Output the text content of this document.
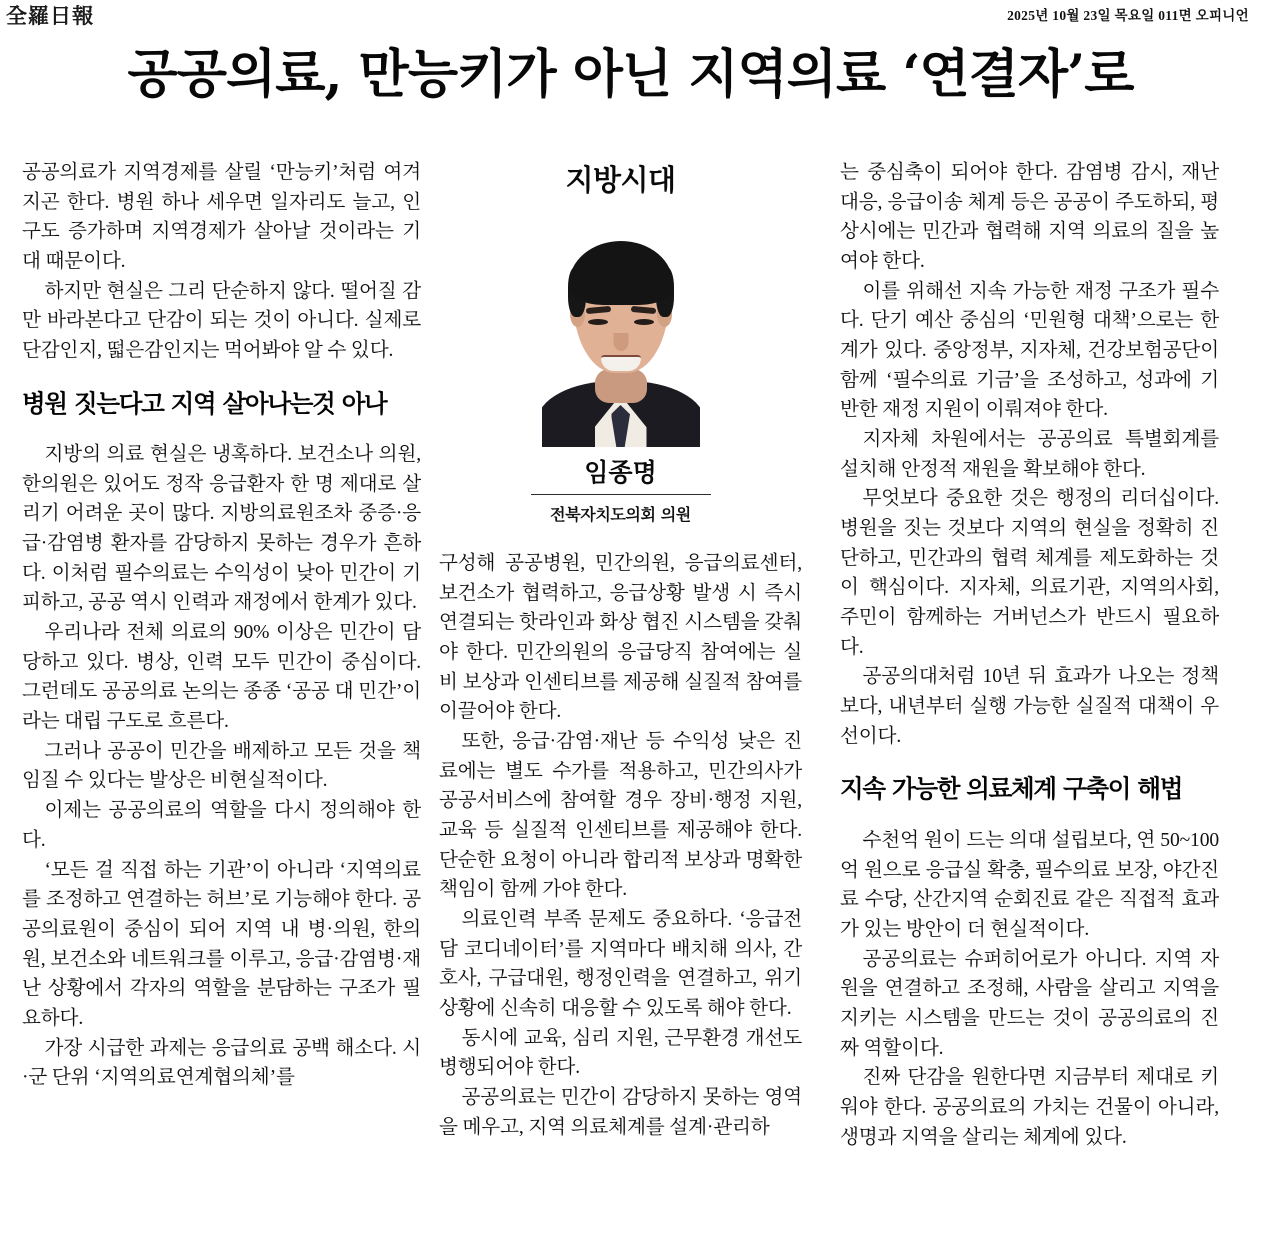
全羅日報	2025년 10월 23일 목요일 011면 오피니언
공공의료, 만능키가 아닌 지역의료 ‘연결자’로

공공의료가 지역경제를 살릴 ‘만능키’처럼 여겨지곤 한다. 병원 하나 세우면 일자리도 늘고, 인구도 증가하며 지역경제가 살아날 것이라는 기대 때문이다.

하지만 현실은 그리 단순하지 않다. 떨어질 감만 바라본다고 단감이 되는 것이 아니다. 실제로 단감인지, 떫은감인지는 먹어봐야 알 수 있다.

병원 짓는다고 지역 살아나는것 아나

지방의 의료 현실은 냉혹하다. 보건소나 의원, 한의원은 있어도 정작 응급환자 한 명 제대로 살리기 어려운 곳이 많다. 지방의료원조차 중증·응급·감염병 환자를 감당하지 못하는 경우가 흔하다. 이처럼 필수의료는 수익성이 낮아 민간이 기피하고, 공공 역시 인력과 재정에서 한계가 있다.

우리나라 전체 의료의 90% 이상은 민간이 담당하고 있다. 병상, 인력 모두 민간이 중심이다. 그런데도 공공의료 논의는 종종 ‘공공 대 민간’이라는 대립 구도로 흐른다.

그러나 공공이 민간을 배제하고 모든 것을 책임질 수 있다는 발상은 비현실적이다.

이제는 공공의료의 역할을 다시 정의해야 한다.

‘모든 걸 직접 하는 기관’이 아니라 ‘지역의료를 조정하고 연결하는 허브’로 기능해야 한다. 공공의료원이 중심이 되어 지역 내 병·의원, 한의원, 보건소와 네트워크를 이루고, 응급·감염병·재난 상황에서 각자의 역할을 분담하는 구조가 필요하다.

가장 시급한 과제는 응급의료 공백 해소다. 시·군 단위 ‘지역의료연계협의체’를

지방시대
임종명
전북자치도의회 의원

구성해 공공병원, 민간의원, 응급의료센터, 보건소가 협력하고, 응급상황 발생 시 즉시 연결되는 핫라인과 화상 협진 시스템을 갖춰야 한다. 민간의원의 응급당직 참여에는 실비 보상과 인센티브를 제공해 실질적 참여를 이끌어야 한다.

또한, 응급·감염·재난 등 수익성 낮은 진료에는 별도 수가를 적용하고, 민간의사가 공공서비스에 참여할 경우 장비·행정 지원, 교육 등 실질적 인센티브를 제공해야 한다. 단순한 요청이 아니라 합리적 보상과 명확한 책임이 함께 가야 한다.

의료인력 부족 문제도 중요하다. ‘응급전담 코디네이터’를 지역마다 배치해 의사, 간호사, 구급대원, 행정인력을 연결하고, 위기 상황에 신속히 대응할 수 있도록 해야 한다.

동시에 교육, 심리 지원, 근무환경 개선도 병행되어야 한다.

공공의료는 민간이 감당하지 못하는 영역을 메우고, 지역 의료체계를 설계·관리하

는 중심축이 되어야 한다. 감염병 감시, 재난 대응, 응급이송 체계 등은 공공이 주도하되, 평상시에는 민간과 협력해 지역 의료의 질을 높여야 한다.

이를 위해선 지속 가능한 재정 구조가 필수다. 단기 예산 중심의 ‘민원형 대책’으로는 한계가 있다. 중앙정부, 지자체, 건강보험공단이 함께 ‘필수의료 기금’을 조성하고, 성과에 기반한 재정 지원이 이뤄져야 한다.

지자체 차원에서는 공공의료 특별회계를 설치해 안정적 재원을 확보해야 한다.

무엇보다 중요한 것은 행정의 리더십이다. 병원을 짓는 것보다 지역의 현실을 정확히 진단하고, 민간과의 협력 체계를 제도화하는 것이 핵심이다. 지자체, 의료기관, 지역의사회, 주민이 함께하는 거버넌스가 반드시 필요하다.

공공의대처럼 10년 뒤 효과가 나오는 정책보다, 내년부터 실행 가능한 실질적 대책이 우선이다.

지속 가능한 의료체계 구축이 해법

수천억 원이 드는 의대 설립보다, 연 50~100억 원으로 응급실 확충, 필수의료 보장, 야간진료 수당, 산간지역 순회진료 같은 직접적 효과가 있는 방안이 더 현실적이다.

공공의료는 슈퍼히어로가 아니다. 지역 자원을 연결하고 조정해, 사람을 살리고 지역을 지키는 시스템을 만드는 것이 공공의료의 진짜 역할이다.

진짜 단감을 원한다면 지금부터 제대로 키워야 한다. 공공의료의 가치는 건물이 아니라, 생명과 지역을 살리는 체계에 있다.
